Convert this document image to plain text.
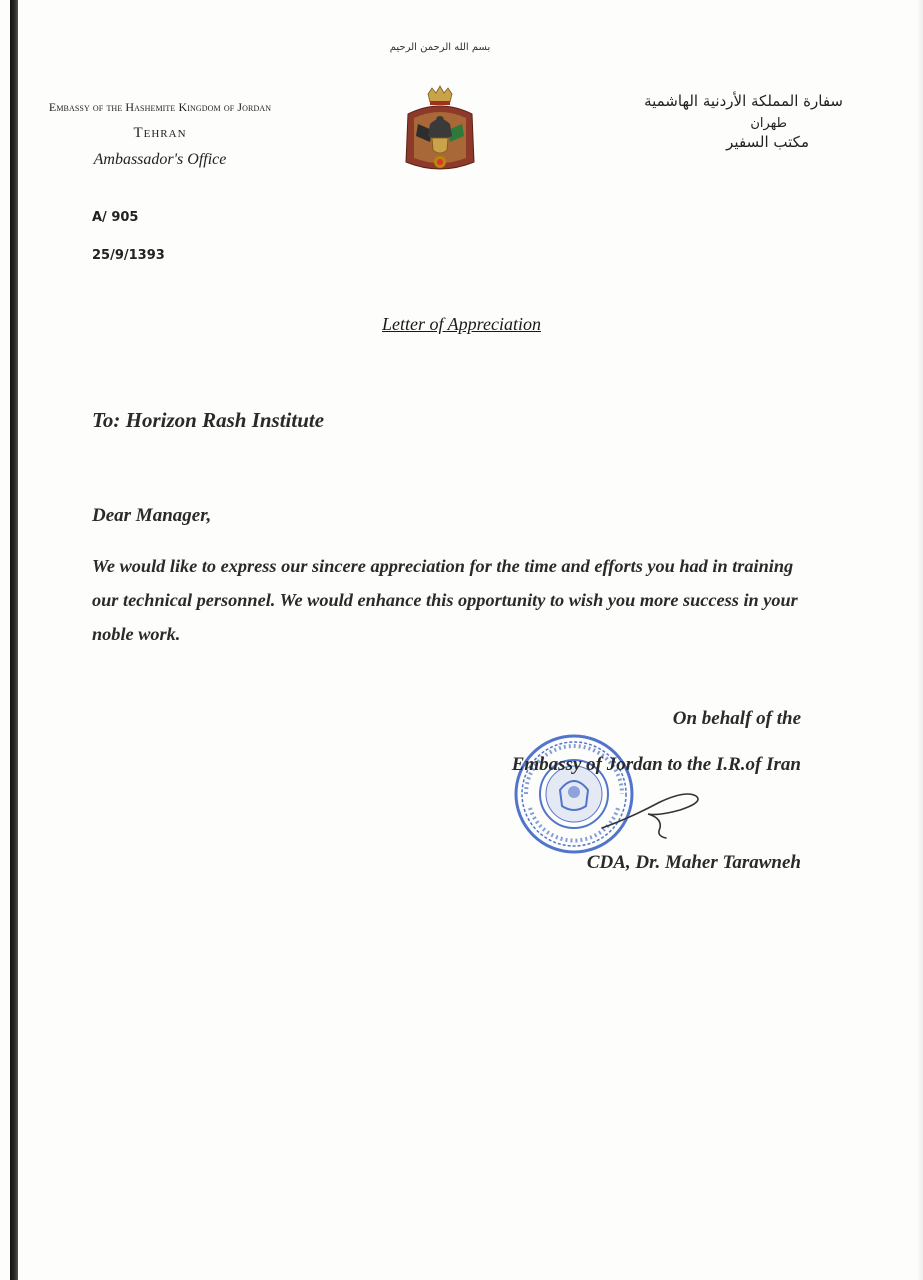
بسم الله الرحمن الرحيم
Embassy of the Hashemite Kingdom of Jordan
Tehran
Ambassador's Office
سفارة المملكة الأردنية الهاشمية
طهران
مكتب السفير
A/ 905
25/9/1393
Letter of Appreciation
To: Horizon Rash Institute
Dear Manager,
We would like to express our sincere appreciation for the time and efforts you had in training our technical personnel. We would enhance this opportunity to wish you more success in your noble work.
On behalf of the
Embassy of Jordan to the I.R.of Iran
CDA, Dr. Maher Tarawneh
